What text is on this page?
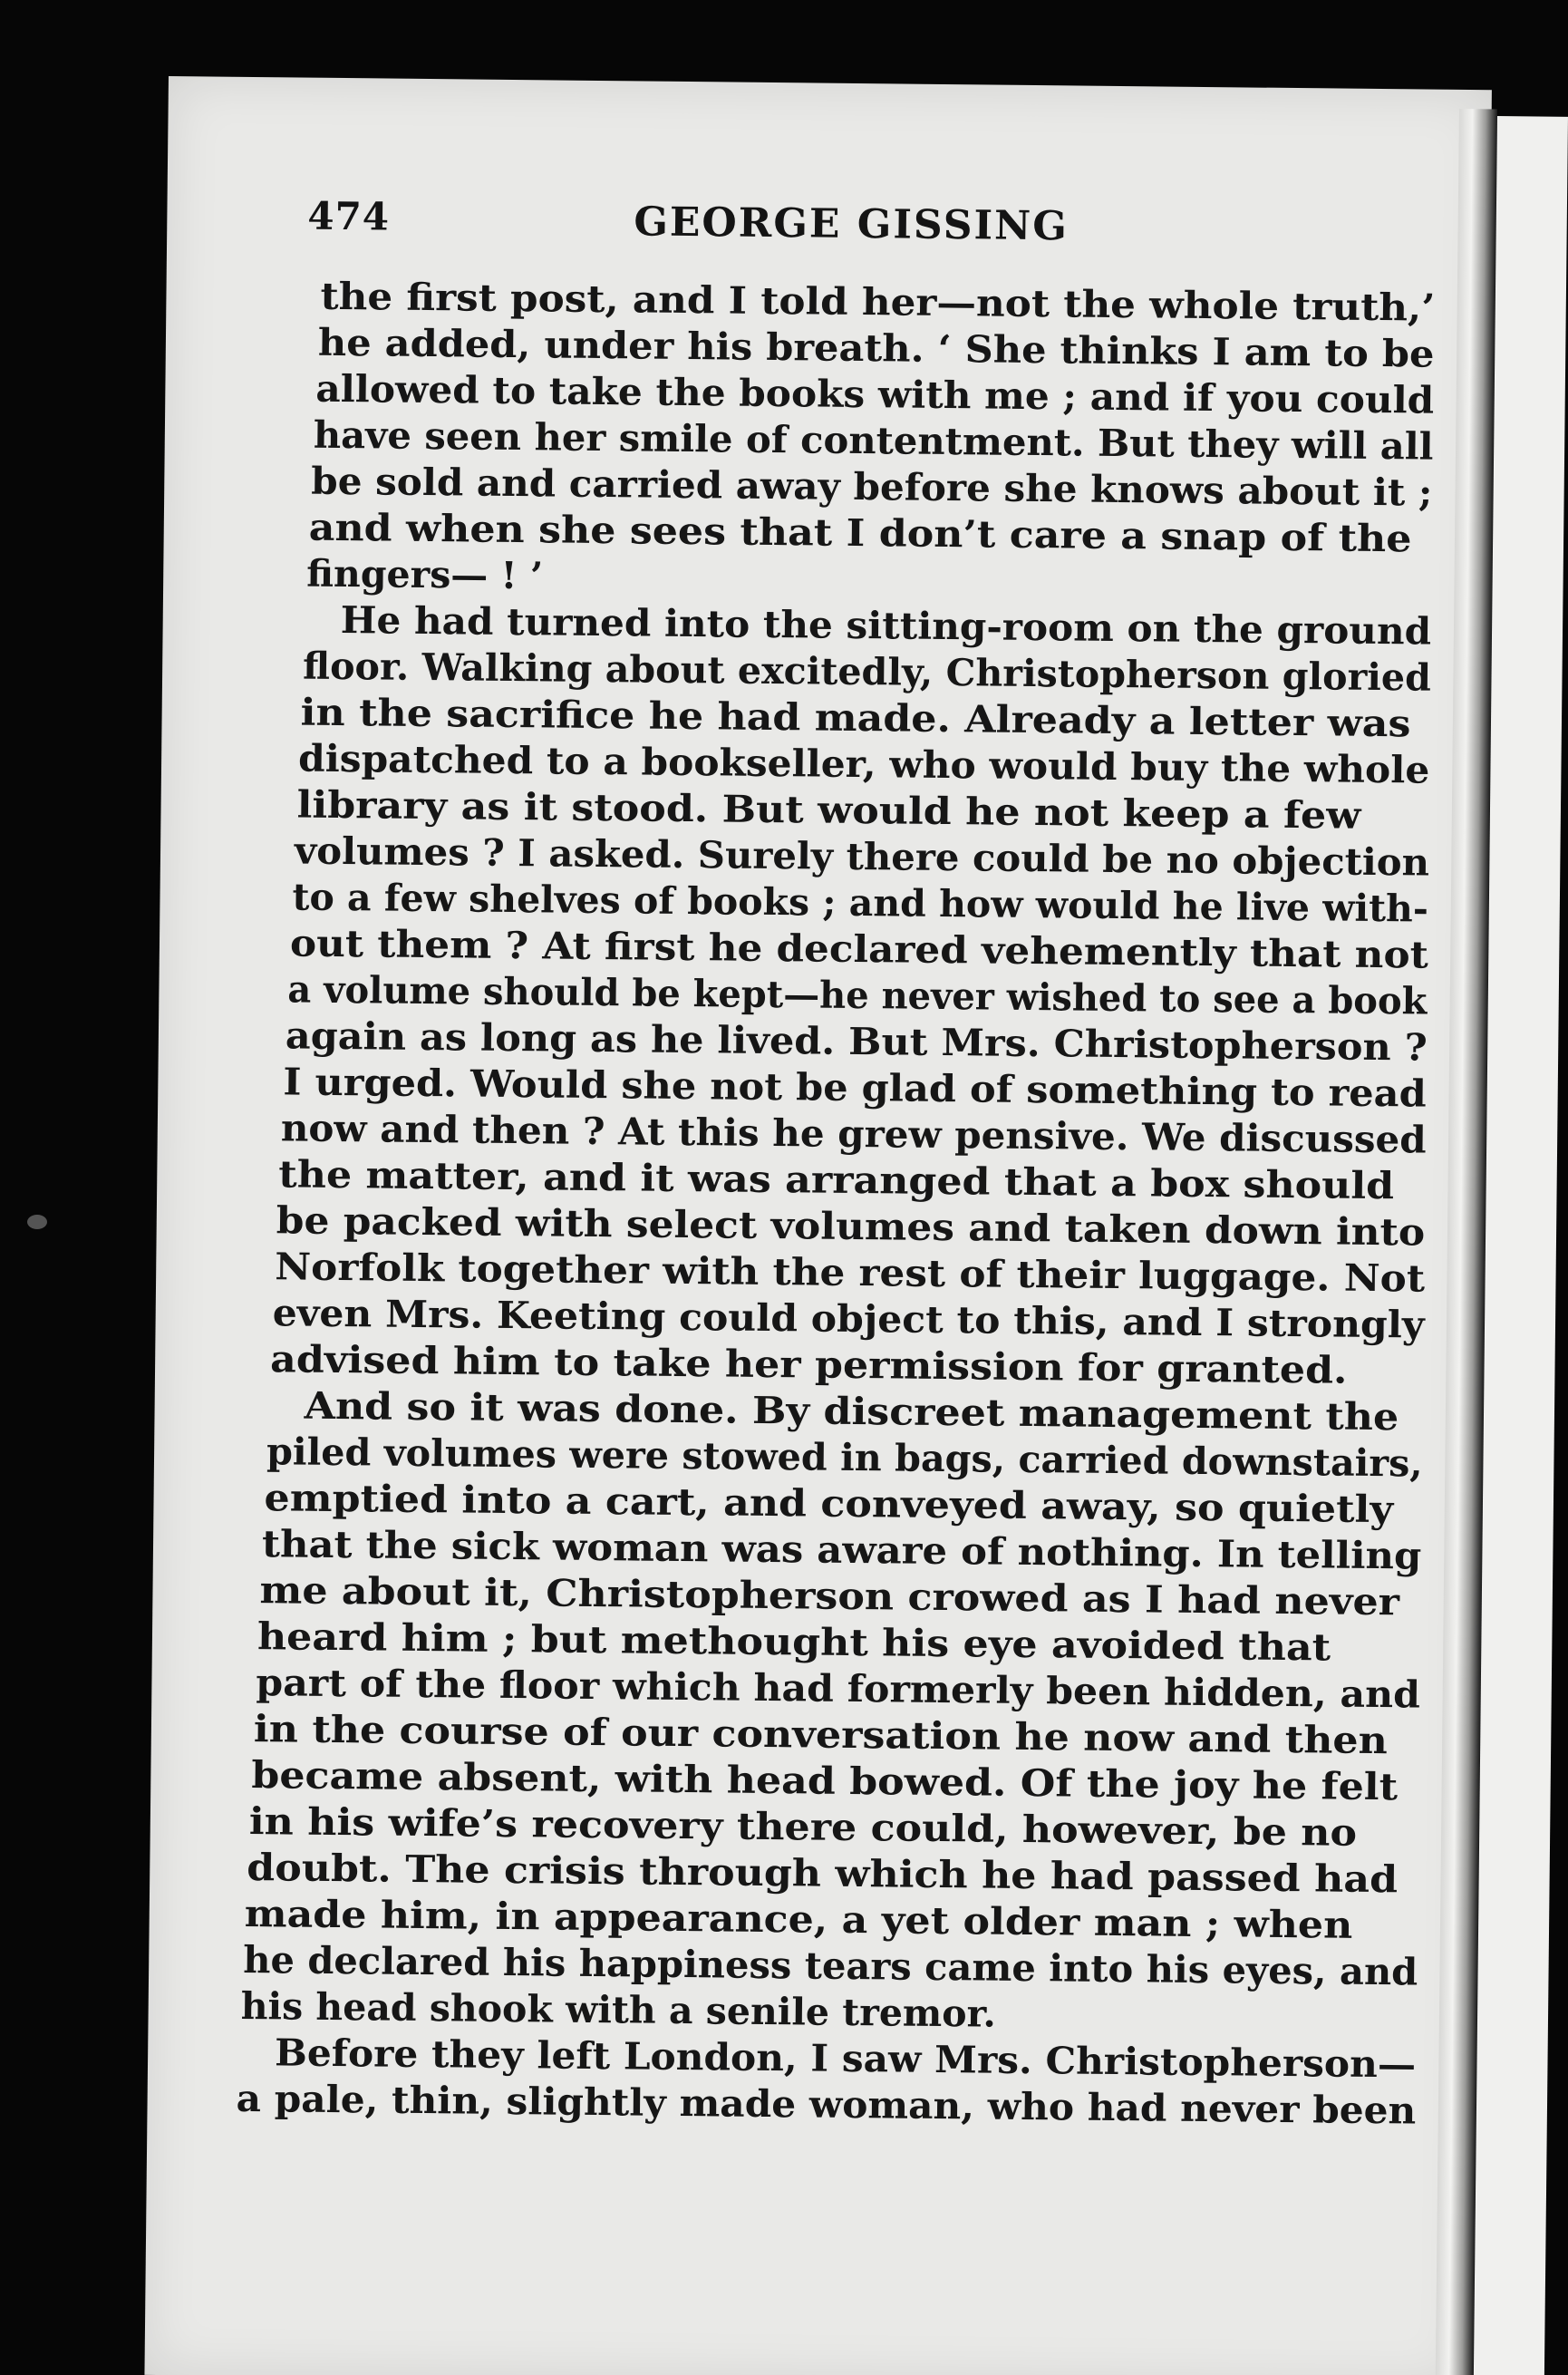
474	GEORGE GISSING
the first post, and I told her—not the whole truth,’
he added, under his breath. ‘ She thinks I am to be
allowed to take the books with me ; and if you could
have seen her smile of contentment. But they will all
be sold and carried away before she knows about it ;
and when she sees that I don’t care a snap of the
fingers— ! ’
He had turned into the sitting-room on the ground
floor. Walking about excitedly, Christopherson gloried
in the sacrifice he had made. Already a letter was
dispatched to a bookseller, who would buy the whole
library as it stood. But would he not keep a few
volumes ? I asked. Surely there could be no objection
to a few shelves of books ; and how would he live with-
out them ? At first he declared vehemently that not
a volume should be kept—he never wished to see a book
again as long as he lived. But Mrs. Christopherson ?
I urged. Would she not be glad of something to read
now and then ? At this he grew pensive. We discussed
the matter, and it was arranged that a box should
be packed with select volumes and taken down into
Norfolk together with the rest of their luggage. Not
even Mrs. Keeting could object to this, and I strongly
advised him to take her permission for granted.
And so it was done. By discreet management the
piled volumes were stowed in bags, carried downstairs,
emptied into a cart, and conveyed away, so quietly
that the sick woman was aware of nothing. In telling
me about it, Christopherson crowed as I had never
heard him ; but methought his eye avoided that
part of the floor which had formerly been hidden, and
in the course of our conversation he now and then
became absent, with head bowed. Of the joy he felt
in his wife’s recovery there could, however, be no
doubt. The crisis through which he had passed had
made him, in appearance, a yet older man ; when
he declared his happiness tears came into his eyes, and
his head shook with a senile tremor.
Before they left London, I saw Mrs. Christopherson—
a pale, thin, slightly made woman, who had never been
